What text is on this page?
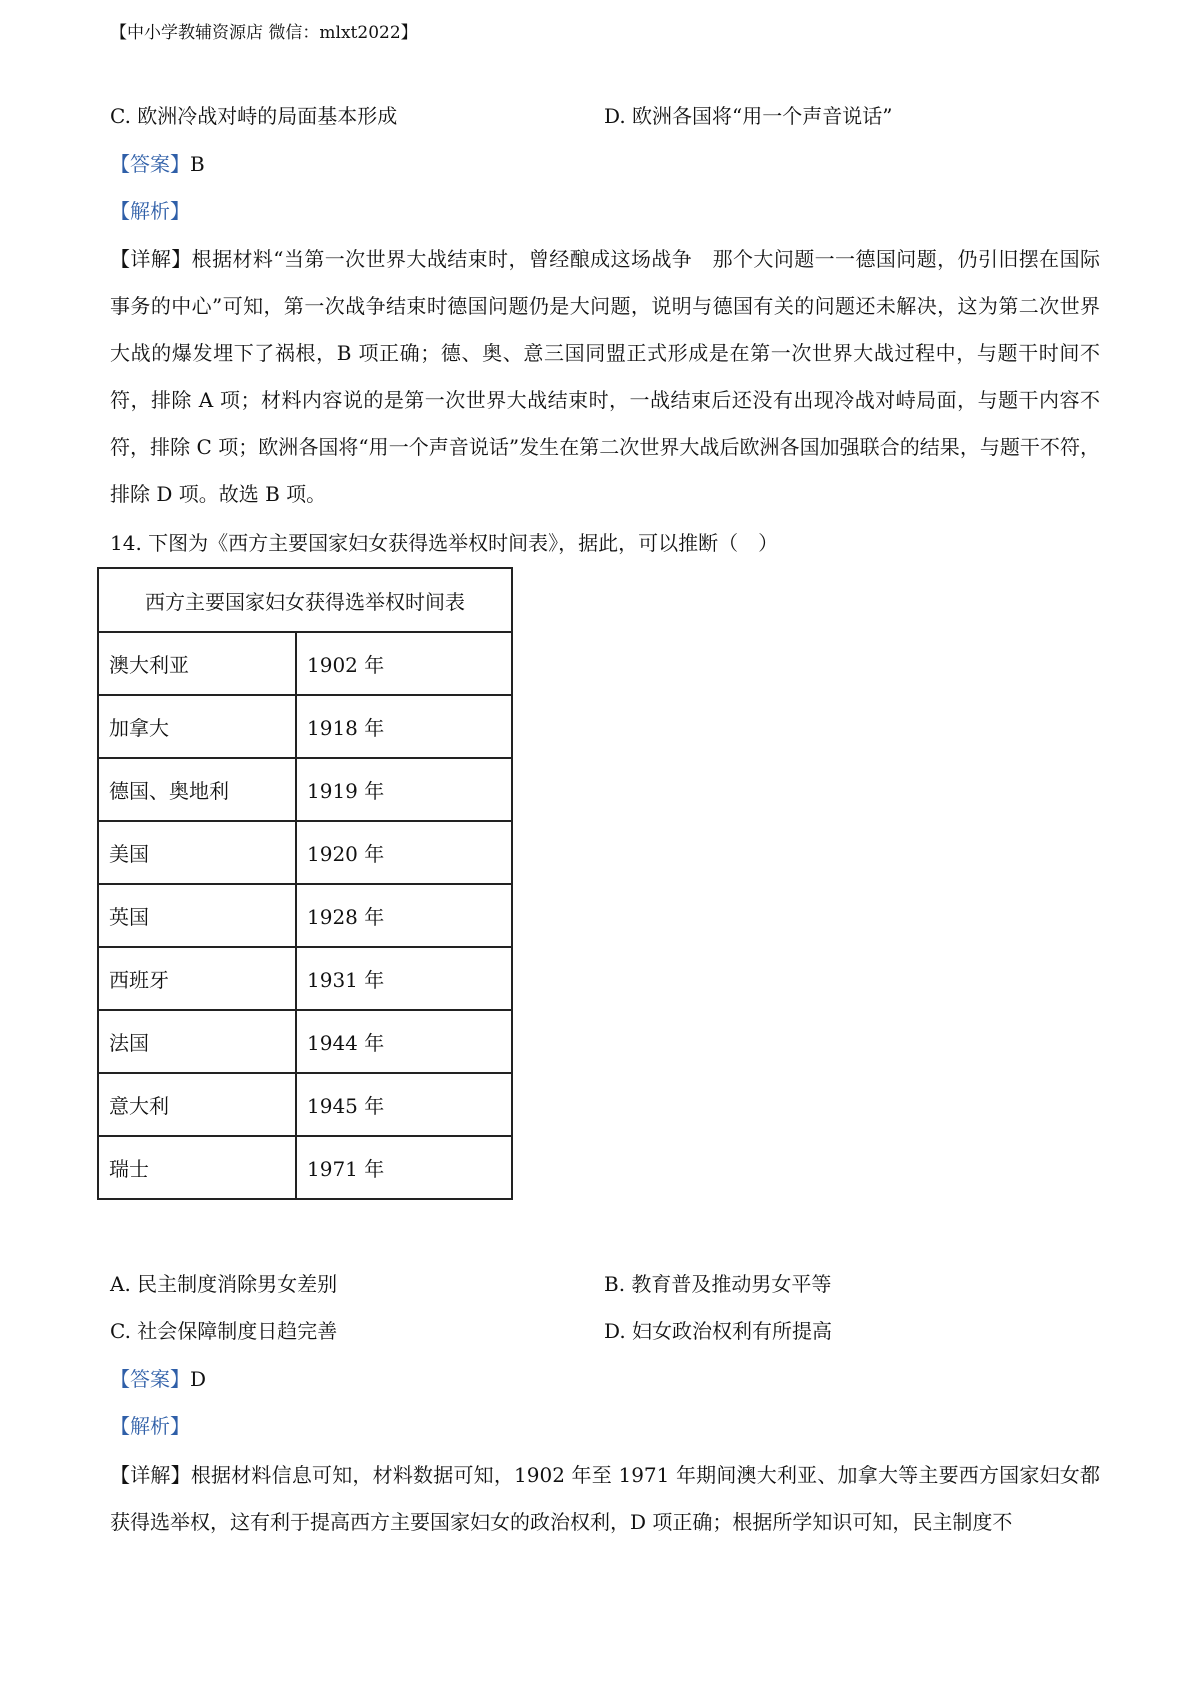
【中小学教辅资源店 微信：mlxt2022】
C. 欧洲冷战对峙的局面基本形成	D. 欧洲各国将“用一个声音说话”
【答案】B
【解析】
【详解】根据材料“当第一次世界大战结束时，曾经酿成这场战争　那个大问题一一德国问题，仍引旧摆在国际事务的中心”可知，第一次战争结束时德国问题仍是大问题，说明与德国有关的问题还未解决，这为第二次世界大战的爆发埋下了祸根，B 项正确；德、奥、意三国同盟正式形成是在第一次世界大战过程中，与题干时间不符，排除 A 项；材料内容说的是第一次世界大战结束时，一战结束后还没有出现冷战对峙局面，与题干内容不符，排除 C 项；欧洲各国将“用一个声音说话”发生在第二次世界大战后欧洲各国加强联合的结果，与题干不符，排除 D 项。故选 B 项。
14. 下图为《西方主要国家妇女获得选举权时间表》，据此，可以推断（　）
西方主要国家妇女获得选举权时间表	
澳大利亚	1902 年
加拿大	1918 年
德国、奥地利	1919 年
美国	1920 年
英国	1928 年
西班牙	1931 年
法国	1944 年
意大利	1945 年
瑞士	1971 年
A. 民主制度消除男女差别	B. 教育普及推动男女平等
C. 社会保障制度日趋完善	D. 妇女政治权利有所提高
【答案】D
【解析】
【详解】根据材料信息可知，材料数据可知，1902 年至 1971 年期间澳大利亚、加拿大等主要西方国家妇女都获得选举权，这有利于提高西方主要国家妇女的政治权利，D 项正确；根据所学知识可知，民主制度不
